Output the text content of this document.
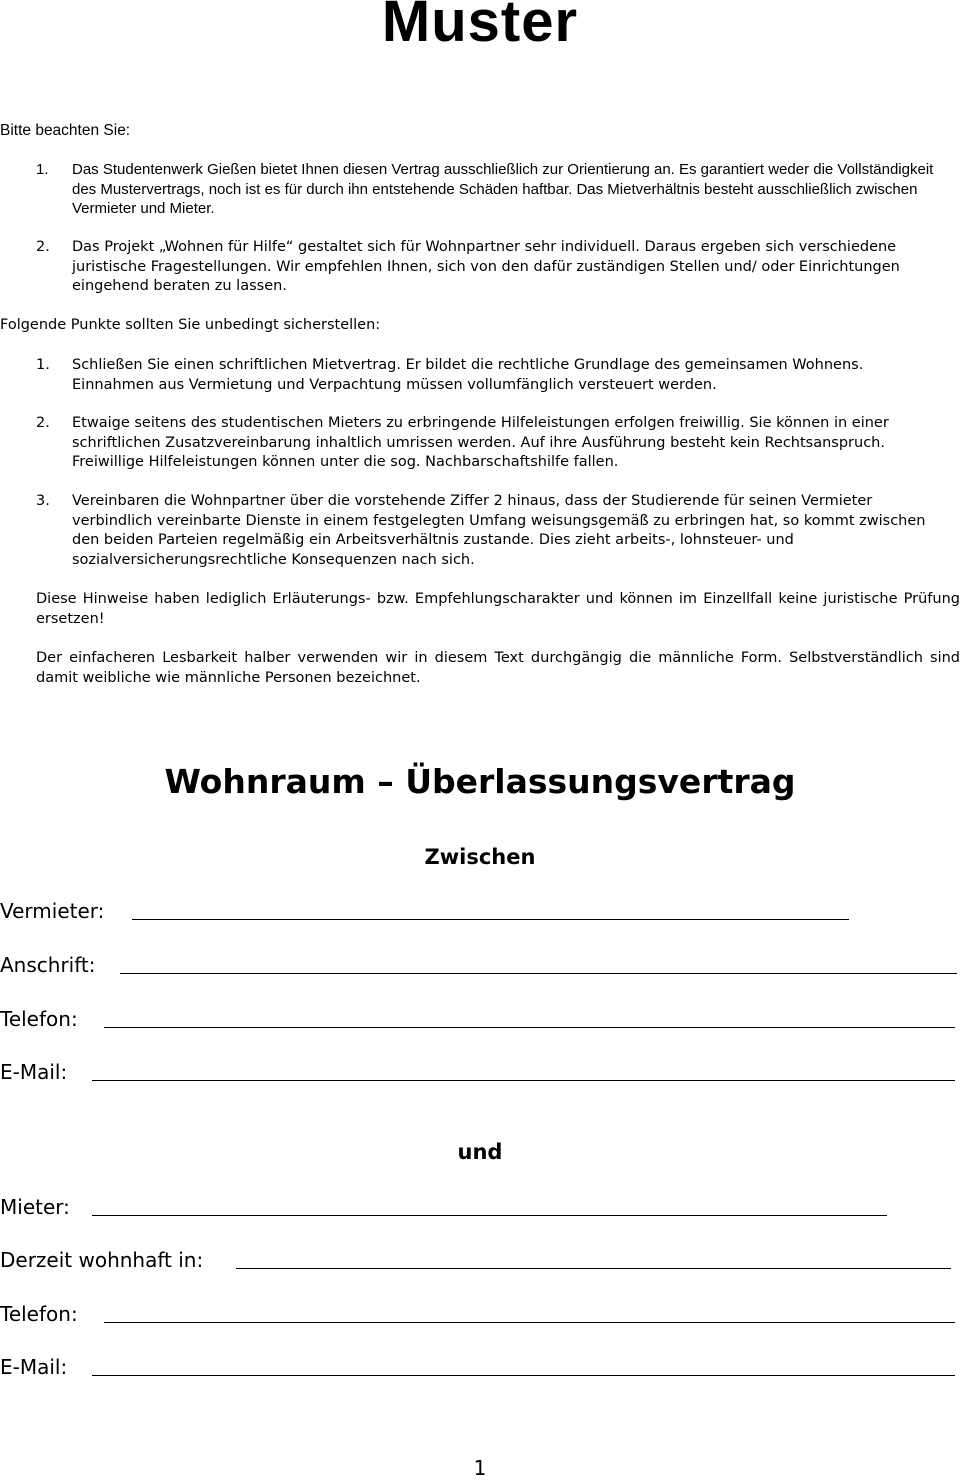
Muster
Bitte beachten Sie:
1. Das Studentenwerk Gießen bietet Ihnen diesen Vertrag ausschließlich zur Orientierung an. Es garantiert weder die Vollständigkeit des Mustervertrags, noch ist es für durch ihn entstehende Schäden haftbar. Das Mietverhältnis besteht ausschließlich zwischen Vermieter und Mieter.
2. Das Projekt „Wohnen für Hilfe“ gestaltet sich für Wohnpartner sehr individuell. Daraus ergeben sich verschiedene juristische Fragestellungen. Wir empfehlen Ihnen, sich von den dafür zuständigen Stellen und/ oder Einrichtungen eingehend beraten zu lassen.
Folgende Punkte sollten Sie unbedingt sicherstellen:
1. Schließen Sie einen schriftlichen Mietvertrag. Er bildet die rechtliche Grundlage des gemeinsamen Wohnens. Einnahmen aus Vermietung und Verpachtung müssen vollumfänglich versteuert werden.
2. Etwaige seitens des studentischen Mieters zu erbringende Hilfeleistungen erfolgen freiwillig. Sie können in einer schriftlichen Zusatzvereinbarung inhaltlich umrissen werden. Auf ihre Ausführung besteht kein Rechtsanspruch. Freiwillige Hilfeleistungen können unter die sog. Nachbarschaftshilfe fallen.
3. Vereinbaren die Wohnpartner über die vorstehende Ziffer 2 hinaus, dass der Studierende für seinen Vermieter verbindlich vereinbarte Dienste in einem festgelegten Umfang weisungsgemäß zu erbringen hat, so kommt zwischen den beiden Parteien regelmäßig ein Arbeitsverhältnis zustande. Dies zieht arbeits-, lohnsteuer- und sozialversicherungsrechtliche Konsequenzen nach sich.
Diese Hinweise haben lediglich Erläuterungs- bzw. Empfehlungscharakter und können im Einzellfall keine juristische Prüfung ersetzen!
Der einfacheren Lesbarkeit halber verwenden wir in diesem Text durchgängig die männliche Form. Selbstverständlich sind damit weibliche wie männliche Personen bezeichnet.
Wohnraum – Überlassungsvertrag
Zwischen
Vermieter:
Anschrift:
Telefon:
E-Mail:
und
Mieter:
Derzeit wohnhaft in:
Telefon:
E-Mail:
1
